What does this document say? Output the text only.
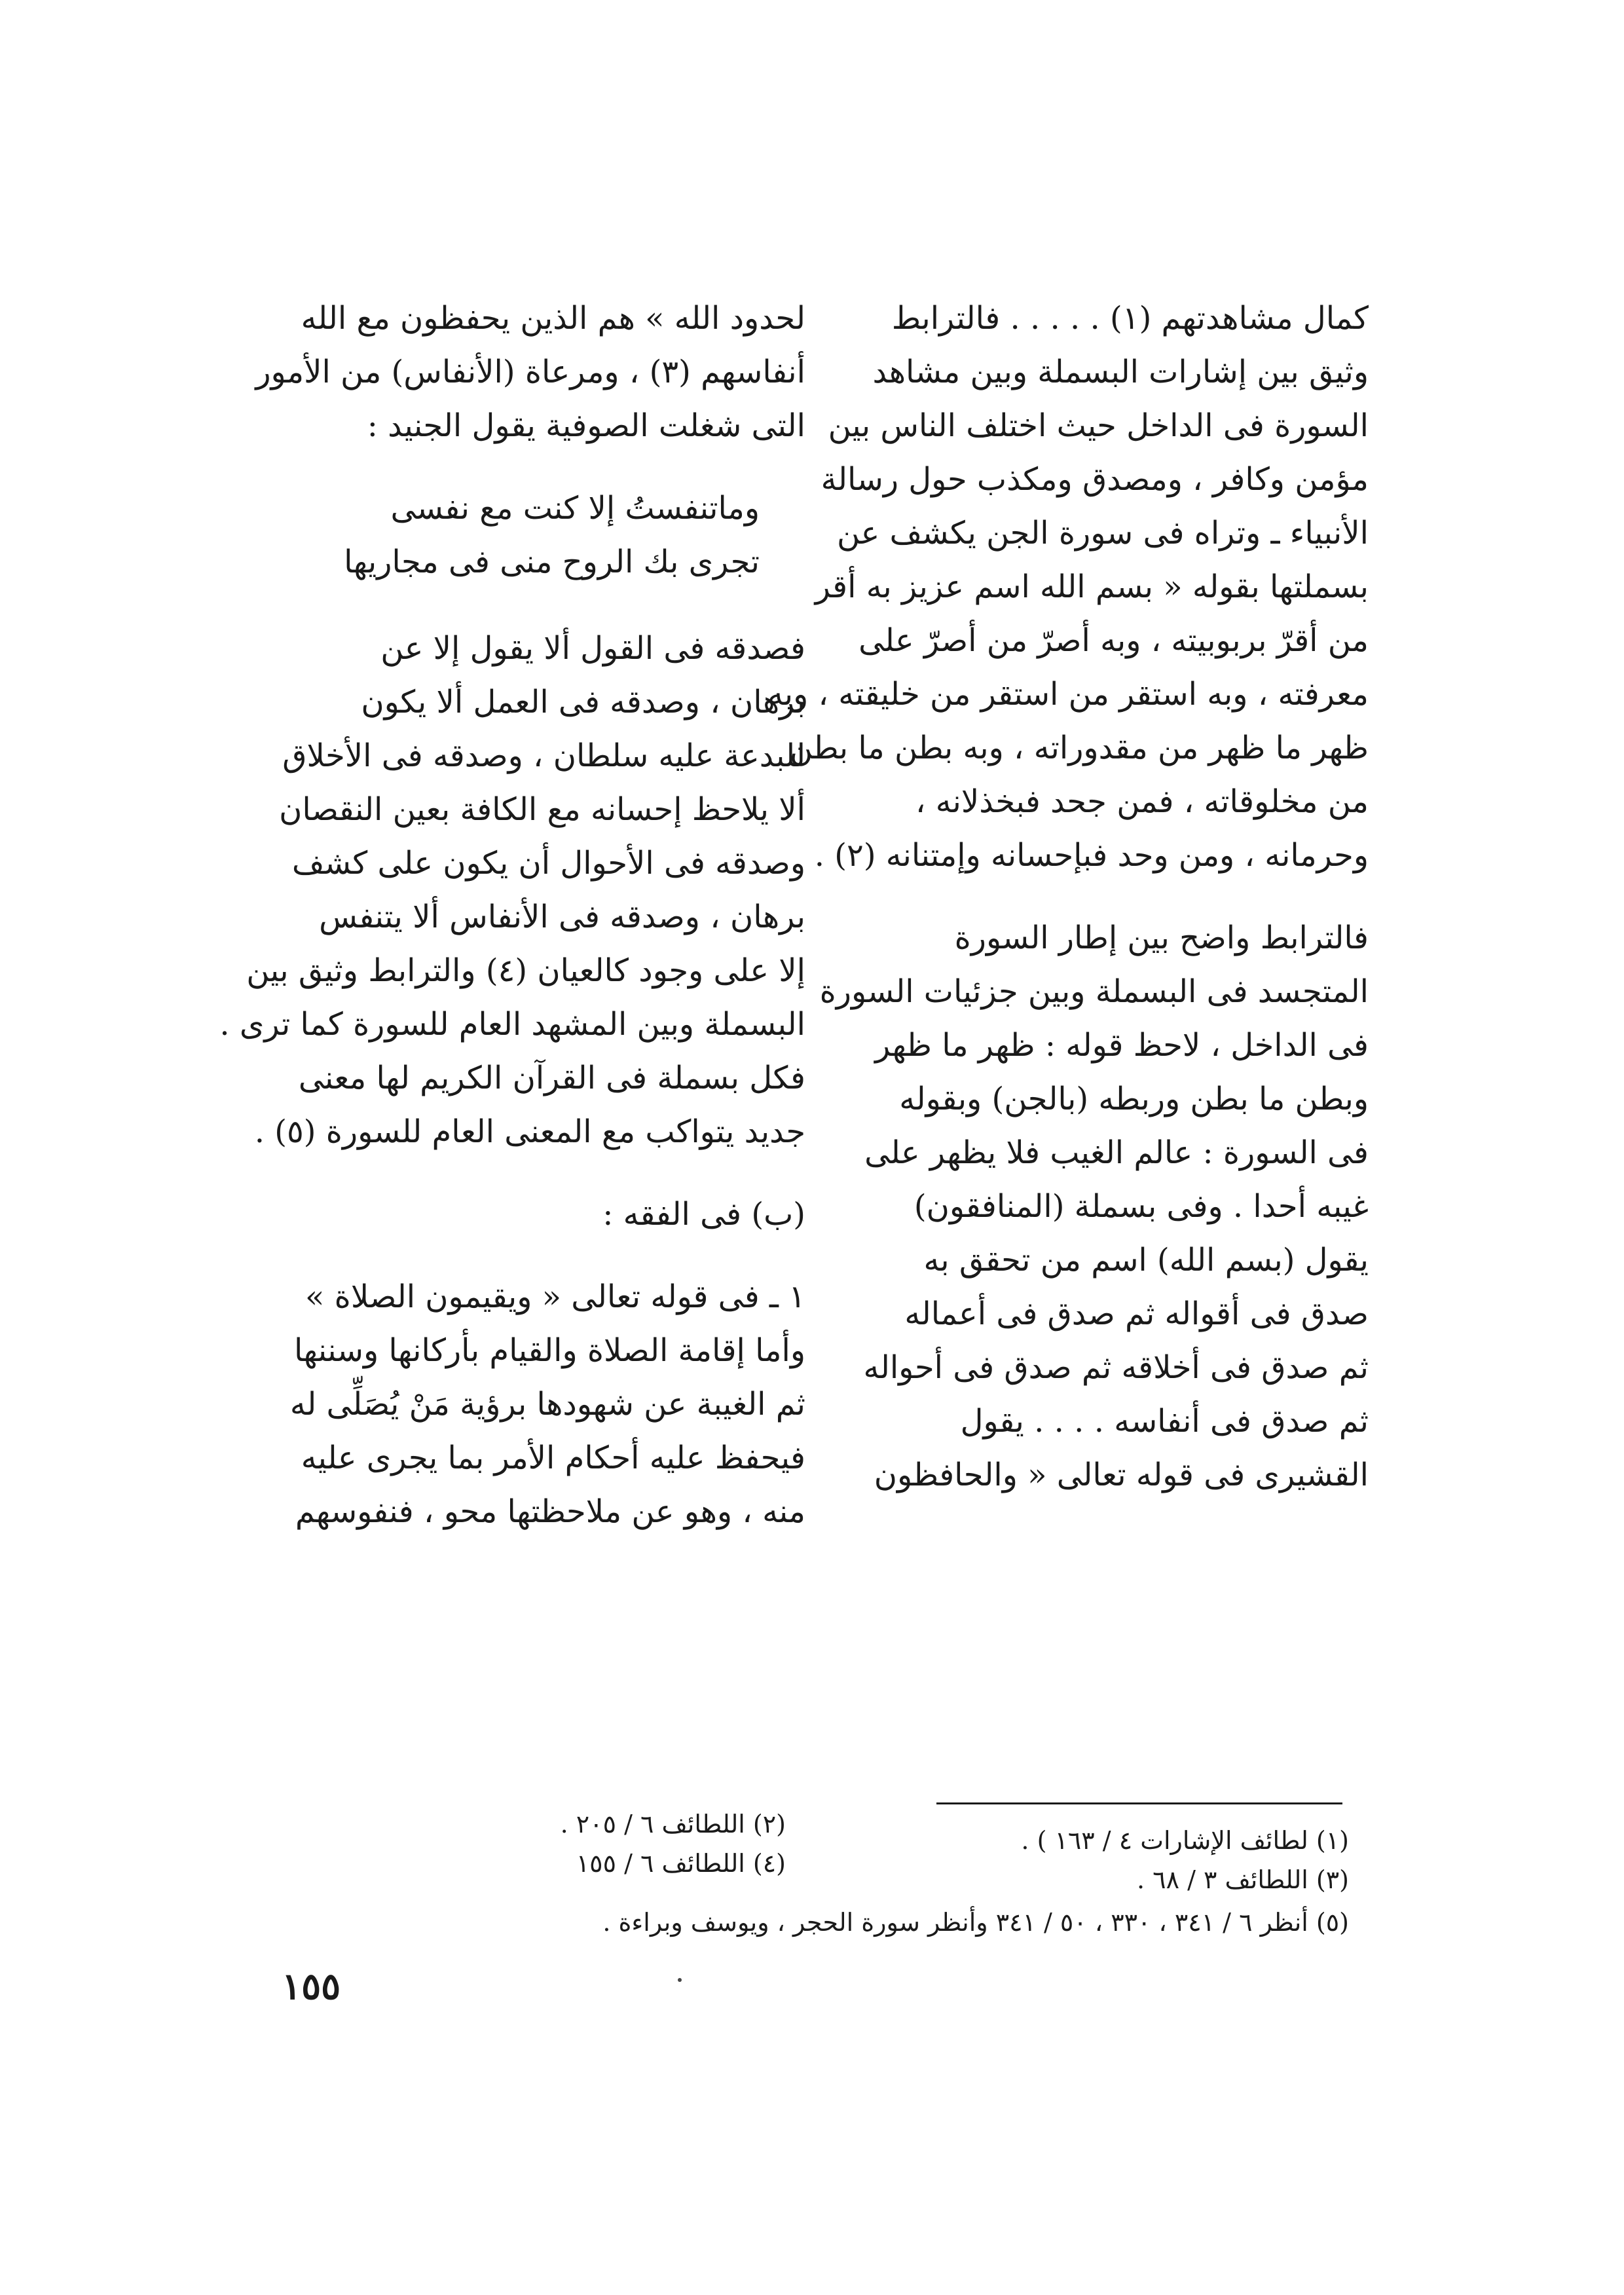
كمال مشاهدتهم (١) . . . . . فالترابط
وثيق بين إشارات البسملة وبين مشاهد
السورة فى الداخل حيث اختلف الناس بين
مؤمن وكافر ، ومصدق ومكذب حول رسالة
الأنبياء ـ وتراه فى سورة الجن يكشف عن
بسملتها بقوله « بسم الله اسم عزيز به أقر
من أقرّ بربوبيته ، وبه أصرّ من أصرّ على
معرفته ، وبه استقر من استقر من خليقته ، وبه
ظهر ما ظهر من مقدوراته ، وبه بطن ما بطن
من مخلوقاته ، فمن جحد فبخذلانه ،
وحرمانه ، ومن وحد فبإحسانه وإمتنانه (٢) .
فالترابط واضح بين إطار السورة
المتجسد فى البسملة وبين جزئيات السورة
فى الداخل ، لاحظ قوله : ظهر ما ظهر
وبطن ما بطن وربطه (بالجن) وبقوله
فى السورة : عالم الغيب فلا يظهر على
غيبه أحدا . وفى بسملة (المنافقون)
يقول (بسم الله) اسم من تحقق به
صدق فى أقواله ثم صدق فى أعماله
ثم صدق فى أخلاقه ثم صدق فى أحواله
ثم صدق فى أنفاسه . . . . يقول
القشيرى فى قوله تعالى « والحافظون
لحدود الله » هم الذين يحفظون مع الله
أنفاسهم (٣) ، ومرعاة (الأنفاس) من الأمور
التى شغلت الصوفية يقول الجنيد :
وماتنفستُ إلا كنت مع نفسى
تجرى بك الروح منى فى مجاريها
فصدقه فى القول ألا يقول إلا عن
برهان ، وصدقه فى العمل ألا يكون
للبدعة عليه سلطان ، وصدقه فى الأخلاق
ألا يلاحظ إحسانه مع الكافة بعين النقصان
وصدقه فى الأحوال أن يكون على كشف
برهان ، وصدقه فى الأنفاس ألا يتنفس
إلا على وجود كالعيان (٤) والترابط وثيق بين
البسملة وبين المشهد العام للسورة كما ترى .
فكل بسملة فى القرآن الكريم لها معنى
جديد يتواكب مع المعنى العام للسورة (٥) .
(ب) فى الفقه :
١ ـ فى قوله تعالى « ويقيمون الصلاة »
وأما إقامة الصلاة والقيام بأركانها وسننها
ثم الغيبة عن شهودها برؤية مَنْ يُصَلِّى له
فيحفظ عليه أحكام الأمر بما يجرى عليه
منه ، وهو عن ملاحظتها محو ، فنفوسهم
(١) لطائف الإشارات ٤ / ١٦٣ ) .
(٣) اللطائف ٣ / ٦٨ .
(٢) اللطائف ٦ / ٢٠٥ .
(٤) اللطائف ٦ / ١٥٥
(٥) أنظر ٦ / ٣٤١ ، ٣٣٠ ، ٥٠ / ٣٤١ وأنظر سورة الحجر ، ويوسف وبراءة .
١٥٥
